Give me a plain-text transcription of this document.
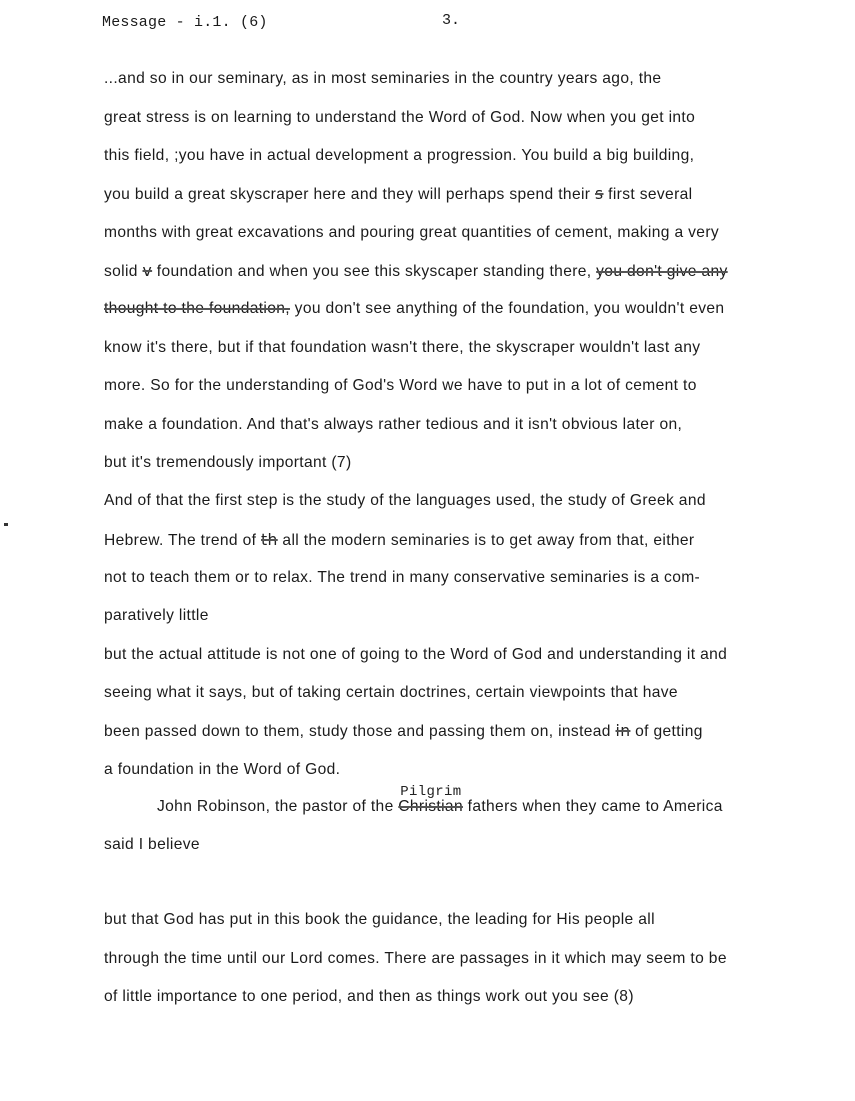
Message - i.1. (6)	3.
...and so in our seminary, as in most seminaries in the country years ago, the
great stress is on learning to understand the Word of God. Now when you get into
this field, ;you have in actual development a progression. You build a big building,
you build a great skyscraper here and they will perhaps spend their s first several
months with great excavations and pouring great quantities of cement, making a very
solid v foundation and when you see this skyscaper standing there, you don't give any
thought to the foundation, you don't see anything of the foundation, you wouldn't even
know it's there, but if that foundation wasn't there, the skyscraper wouldn't last any
more. So for the understanding of God's Word we have to put in a lot of cement to
make a foundation. And that's always rather tedious and it isn't obvious later on,
but it's tremendously important (7)
And of that the first step is the study of the languages used, the study of Greek and
Hebrew. The trend of th all the modern seminaries is to get away from that, either
not to teach them or to relax. The trend in many conservative seminaries is a com-
paratively little
but the actual attitude is not one of going to the Word of God and understanding it and
seeing what it says, but of taking certain doctrines, certain viewpoints that have
been passed down to them, study those and passing them on, instead in of getting
a foundation in the Word of God.
John Robinson, the pastor of the
Pilgrim
Christian fathers when they came to America
said I believe
but that God has put in this book the guidance, the leading for His people all
through the time until our Lord comes. There are passages in it which may seem to be
of little importance to one period, and then as things work out you see (8)
